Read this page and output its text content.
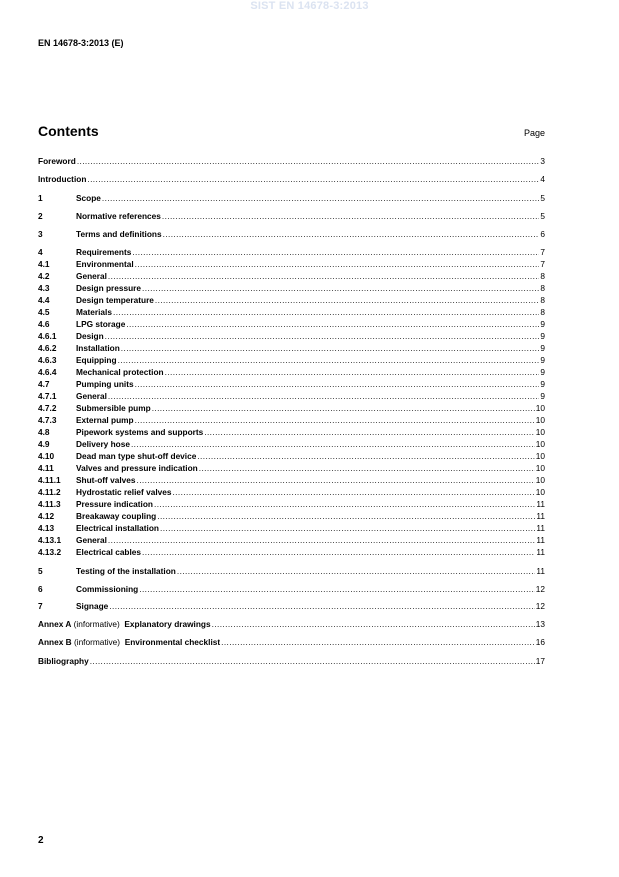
SIST EN 14678-3:2013
EN 14678-3:2013 (E)
Contents	Page
Foreword .....	3
Introduction .....	4
1	Scope .....	5
2	Normative references .....	5
3	Terms and definitions .....	6
4	Requirements .....	7
4.1	Environmental .....	7
4.2	General .....	8
4.3	Design pressure .....	8
4.4	Design temperature .....	8
4.5	Materials .....	8
4.6	LPG storage .....	9
4.6.1	Design .....	9
4.6.2	Installation .....	9
4.6.3	Equipping .....	9
4.6.4	Mechanical protection .....	9
4.7	Pumping units .....	9
4.7.1	General .....	9
4.7.2	Submersible pump .....	10
4.7.3	External pump .....	10
4.8	Pipework systems and supports .....	10
4.9	Delivery hose .....	10
4.10	Dead man type shut-off device .....	10
4.11	Valves and pressure indication .....	10
4.11.1	Shut-off valves .....	10
4.11.2	Hydrostatic relief valves .....	10
4.11.3	Pressure indication .....	11
4.12	Breakaway coupling .....	11
4.13	Electrical installation .....	11
4.13.1	General .....	11
4.13.2	Electrical cables .....	11
5	Testing of the installation .....	11
6	Commissioning .....	12
7	Signage .....	12
Annex A (informative)  Explanatory drawings .....	13
Annex B (informative)  Environmental checklist .....	16
Bibliography .....	17
2
